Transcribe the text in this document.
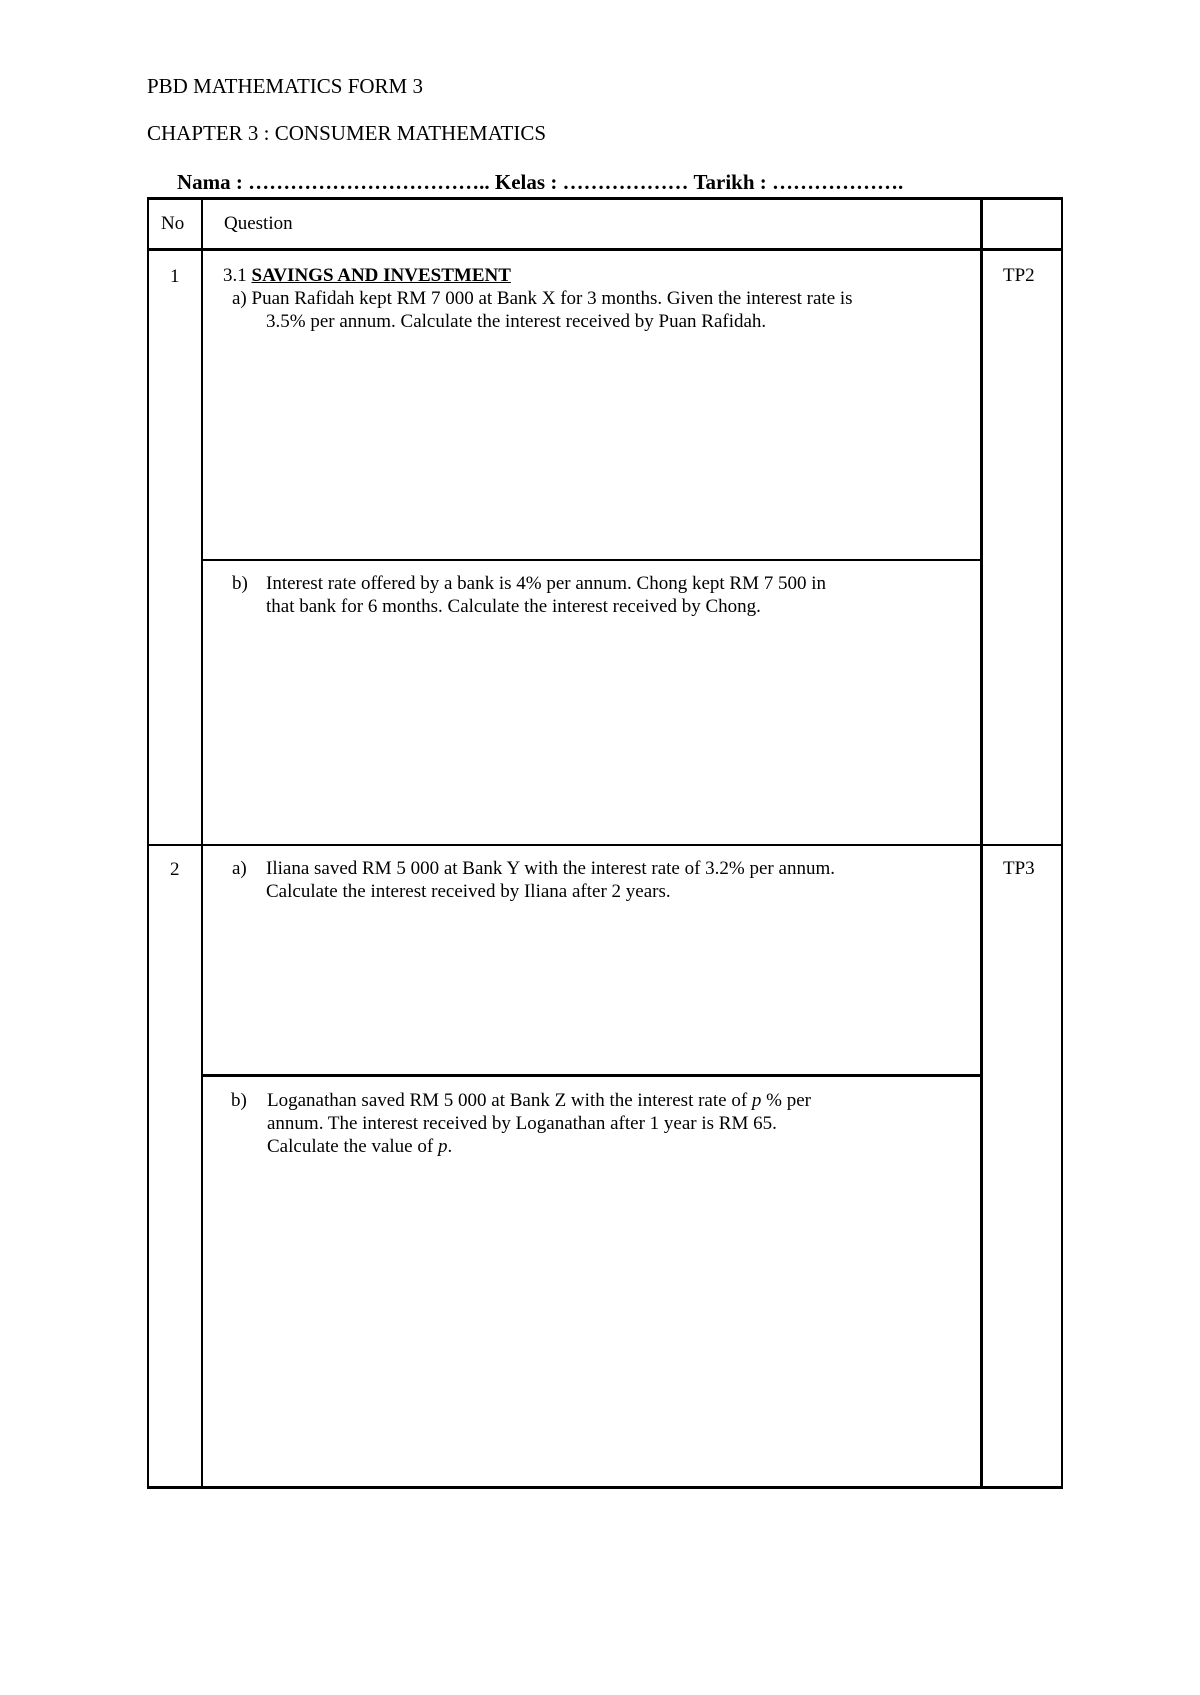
PBD MATHEMATICS FORM 3
CHAPTER 3 : CONSUMER MATHEMATICS
Nama : …………………………….. Kelas : ……………… Tarikh : ……………….
No Question
1	TP2
3.1 SAVINGS AND INVESTMENT
a) Puan Rafidah kept RM 7 000 at Bank X for 3 months. Given the interest rate is
3.5% per annum. Calculate the interest received by Puan Rafidah.
b) Interest rate offered by a bank is 4% per annum. Chong kept RM 7 500 in
that bank for 6 months. Calculate the interest received by Chong.
2	TP3
a) Iliana saved RM 5 000 at Bank Y with the interest rate of 3.2% per annum.
Calculate the interest received by Iliana after 2 years.
b) Loganathan saved RM 5 000 at Bank Z with the interest rate of p % per
annum. The interest received by Loganathan after 1 year is RM 65.
Calculate the value of p.
